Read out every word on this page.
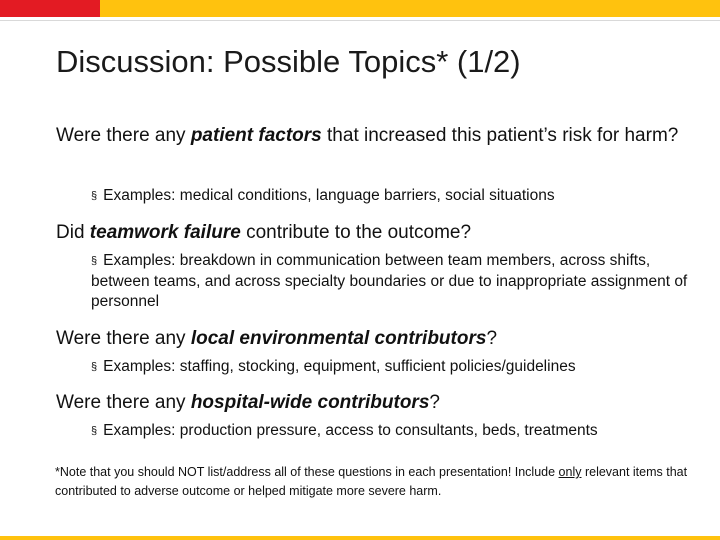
Discussion: Possible Topics* (1/2)

Were there any patient factors that increased this patient’s risk for harm?

§ Examples: medical conditions, language barriers, social situations

Did teamwork failure contribute to the outcome?

§ Examples: breakdown in communication between team members, across shifts, between teams, and across specialty boundaries or due to inappropriate assignment of personnel

Were there any local environmental contributors?

§ Examples: staffing, stocking, equipment, sufficient policies/guidelines

Were there any hospital-wide contributors?

§ Examples: production pressure, access to consultants, beds, treatments

*Note that you should NOT list/address all of these questions in each presentation! Include only relevant items that contributed to adverse outcome or helped mitigate more severe harm.
